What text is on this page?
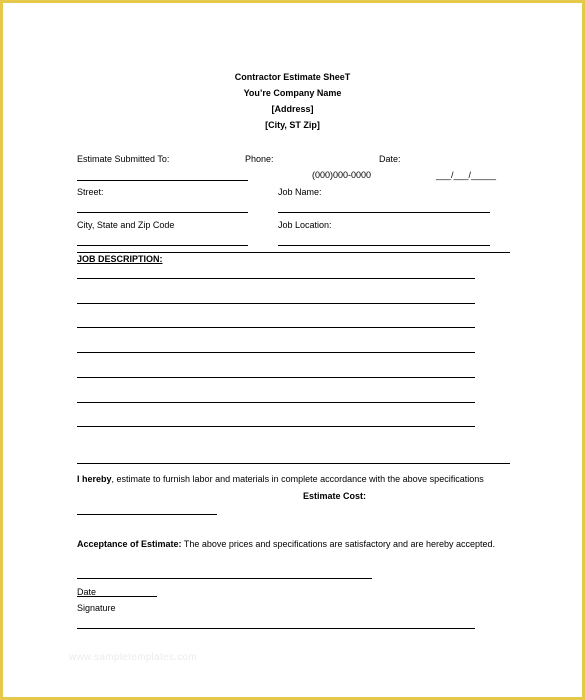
Contractor Estimate SheeT
You’re Company Name
[Address]
[City, ST Zip]
Estimate Submitted To:	Phone:	Date:
(000)000-0000	___/___/_____
Street:	Job Name:
City, State and Zip Code	Job Location:
JOB DESCRIPTION:
I hereby, estimate to furnish labor and materials in complete accordance with the above specifications
Estimate Cost:
Acceptance of Estimate: The above prices and specifications are satisfactory and are hereby accepted.
Date
Signature
www.sampletemplates.com
